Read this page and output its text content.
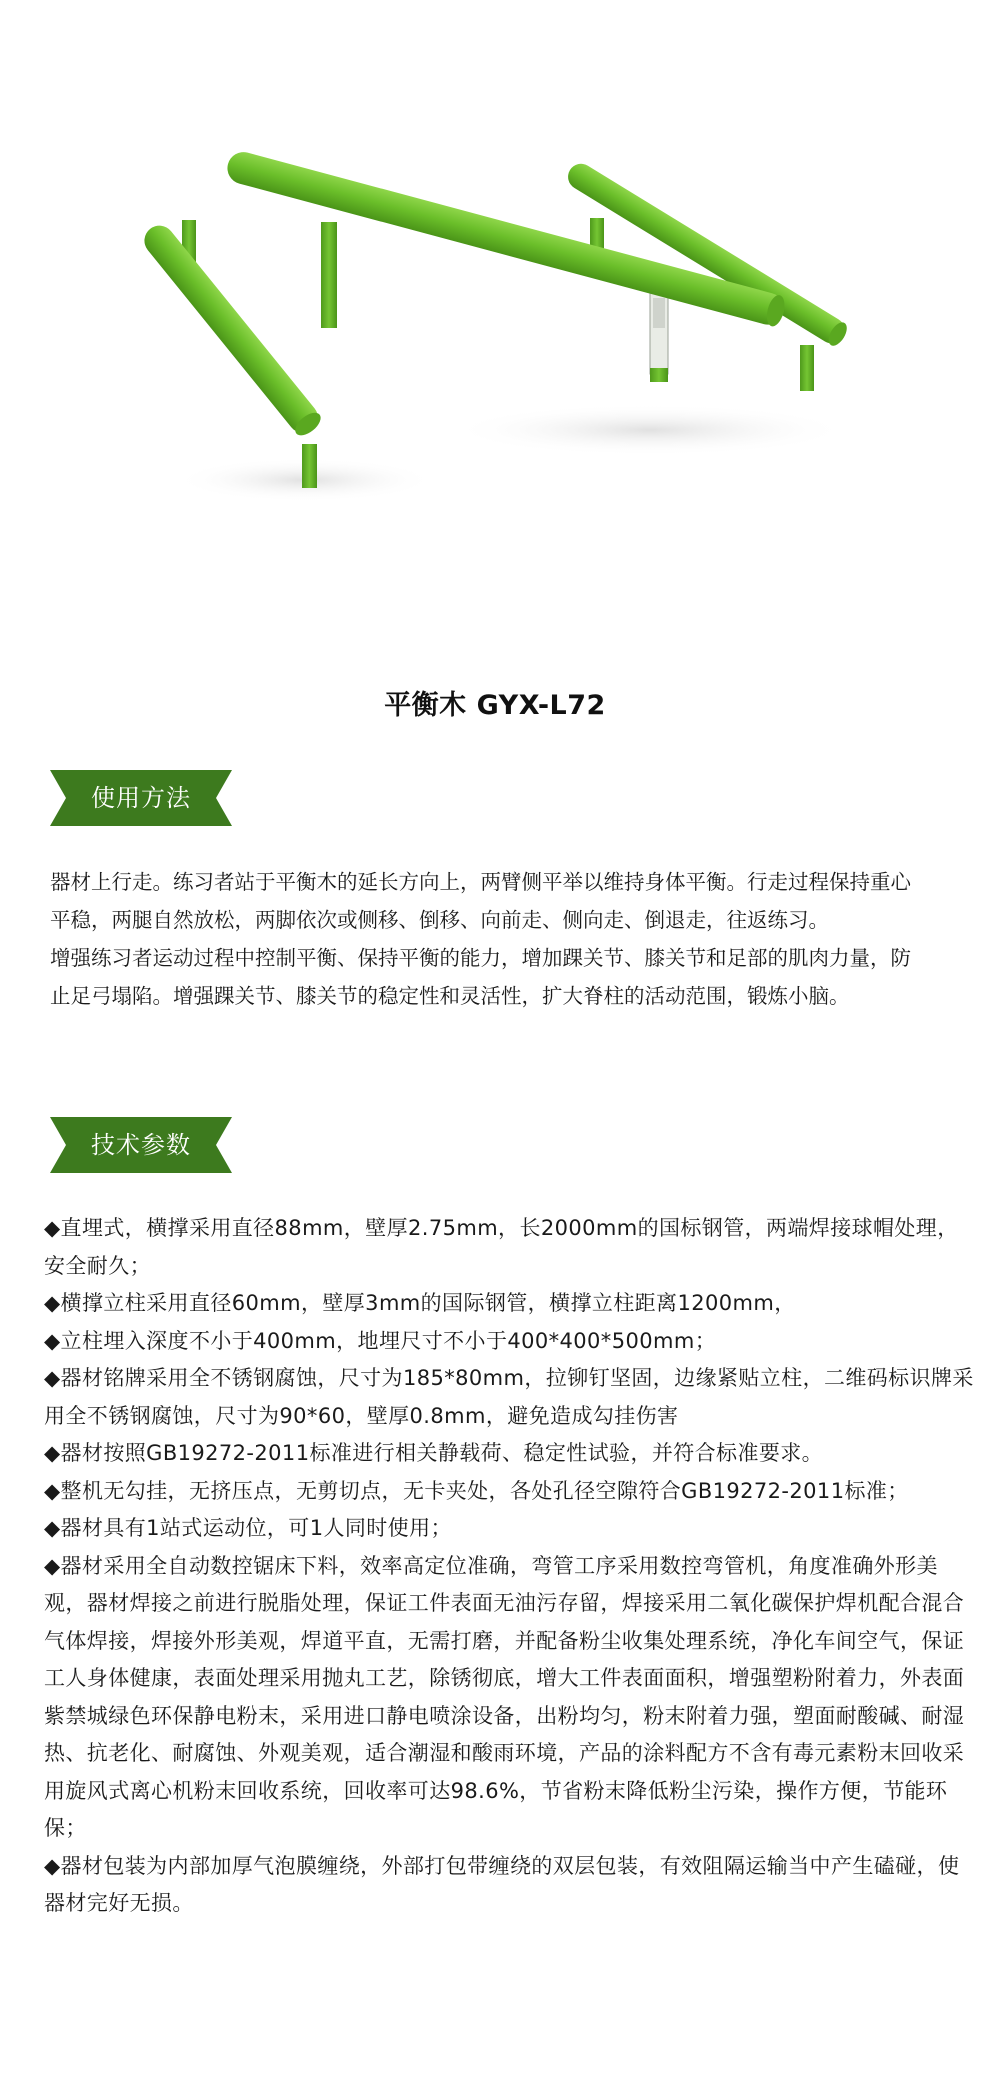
平衡木 GYX-L72
使用方法

器材上行走。练习者站于平衡木的延长方向上，两臂侧平举以维持身体平衡。行走过程保持重心平稳，两腿自然放松，两脚依次或侧移、倒移、向前走、侧向走、倒退走，往返练习。

增强练习者运动过程中控制平衡、保持平衡的能力，增加踝关节、膝关节和足部的肌肉力量，防止足弓塌陷。增强踝关节、膝关节的稳定性和灵活性，扩大脊柱的活动范围，锻炼小脑。

技术参数

◆直埋式，横撑采用直径88mm，壁厚2.75mm，长2000mm的国标钢管，两端焊接球帽处理，安全耐久；

◆横撑立柱采用直径60mm，壁厚3mm的国际钢管，横撑立柱距离1200mm，

◆立柱埋入深度不小于400mm，地埋尺寸不小于400*400*500mm；

◆器材铭牌采用全不锈钢腐蚀，尺寸为185*80mm，拉铆钉坚固，边缘紧贴立柱，二维码标识牌采用全不锈钢腐蚀，尺寸为90*60，壁厚0.8mm，避免造成勾挂伤害

◆器材按照GB19272-2011标准进行相关静载荷、稳定性试验，并符合标准要求。

◆整机无勾挂，无挤压点，无剪切点，无卡夹处，各处孔径空隙符合GB19272-2011标准；

◆器材具有1站式运动位，可1人同时使用；

◆器材采用全自动数控锯床下料，效率高定位准确，弯管工序采用数控弯管机，角度准确外形美观，器材焊接之前进行脱脂处理，保证工件表面无油污存留，焊接采用二氧化碳保护焊机配合混合气体焊接，焊接外形美观，焊道平直，无需打磨，并配备粉尘收集处理系统，净化车间空气，保证工人身体健康，表面处理采用抛丸工艺，除锈彻底，增大工件表面面积，增强塑粉附着力，外表面紫禁城绿色环保静电粉末，采用进口静电喷涂设备，出粉均匀，粉末附着力强，塑面耐酸碱、耐湿热、抗老化、耐腐蚀、外观美观，适合潮湿和酸雨环境，产品的涂料配方不含有毒元素粉末回收采用旋风式离心机粉末回收系统，回收率可达98.6%，节省粉末降低粉尘污染，操作方便，节能环保；

◆器材包装为内部加厚气泡膜缠绕，外部打包带缠绕的双层包装，有效阻隔运输当中产生磕碰，使器材完好无损。
